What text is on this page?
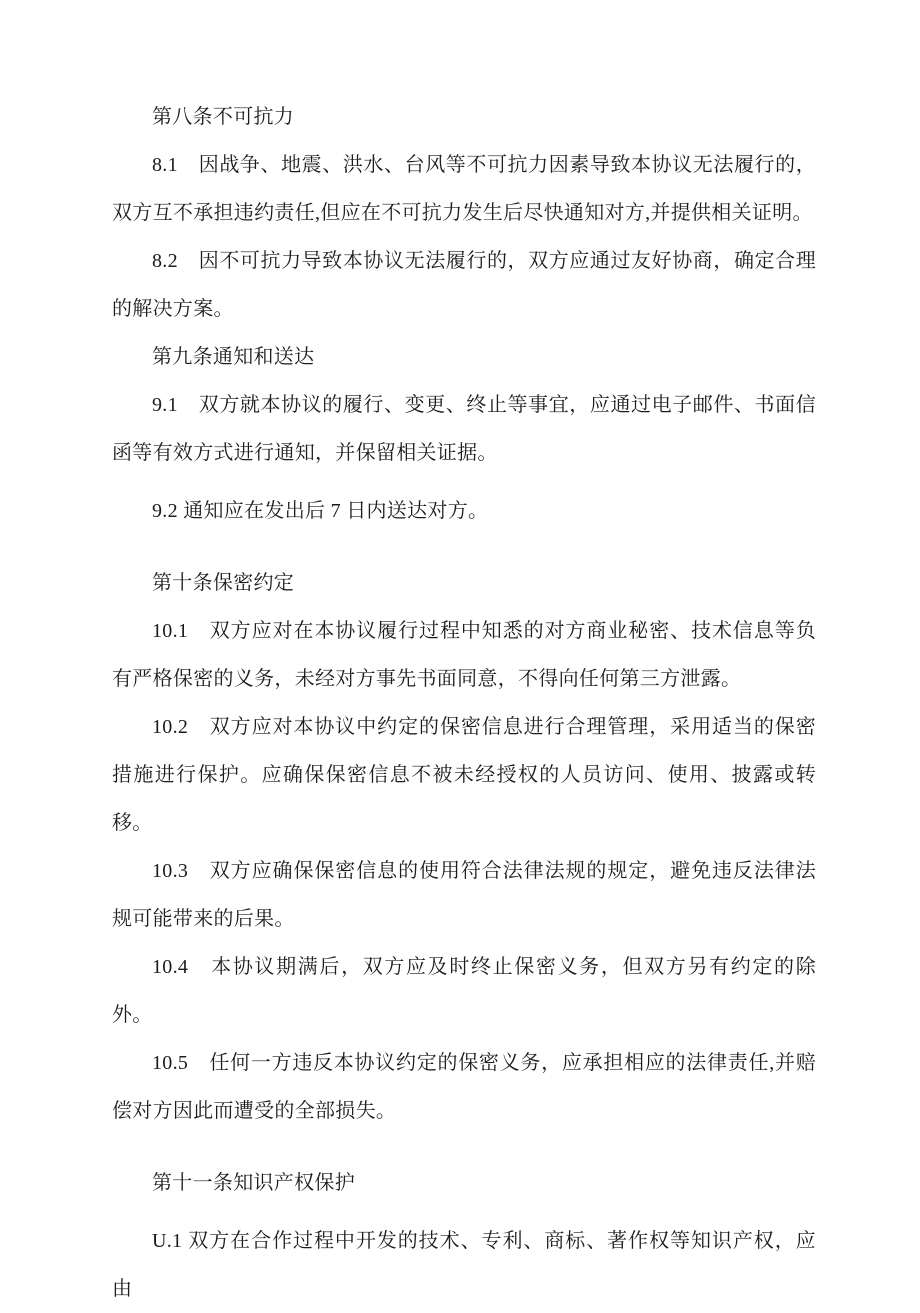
第八条不可抗力

8.1　因战争、地震、洪水、台风等不可抗力因素导致本协议无法履行的，双方互不承担违约责任,但应在不可抗力发生后尽快通知对方,并提供相关证明。

8.2　因不可抗力导致本协议无法履行的，双方应通过友好协商，确定合理的解决方案。

第九条通知和送达

9.1　双方就本协议的履行、变更、终止等事宜，应通过电子邮件、书面信函等有效方式进行通知，并保留相关证据。

9.2 通知应在发出后 7 日内送达对方。

第十条保密约定

10.1　双方应对在本协议履行过程中知悉的对方商业秘密、技术信息等负有严格保密的义务，未经对方事先书面同意，不得向任何第三方泄露。

10.2　双方应对本协议中约定的保密信息进行合理管理，采用适当的保密措施进行保护。应确保保密信息不被未经授权的人员访问、使用、披露或转移。

10.3　双方应确保保密信息的使用符合法律法规的规定，避免违反法律法规可能带来的后果。

10.4　本协议期满后，双方应及时终止保密义务，但双方另有约定的除外。

10.5　任何一方违反本协议约定的保密义务，应承担相应的法律责任,并赔偿对方因此而遭受的全部损失。

第十一条知识产权保护

U.1 双方在合作过程中开发的技术、专利、商标、著作权等知识产权，应由
